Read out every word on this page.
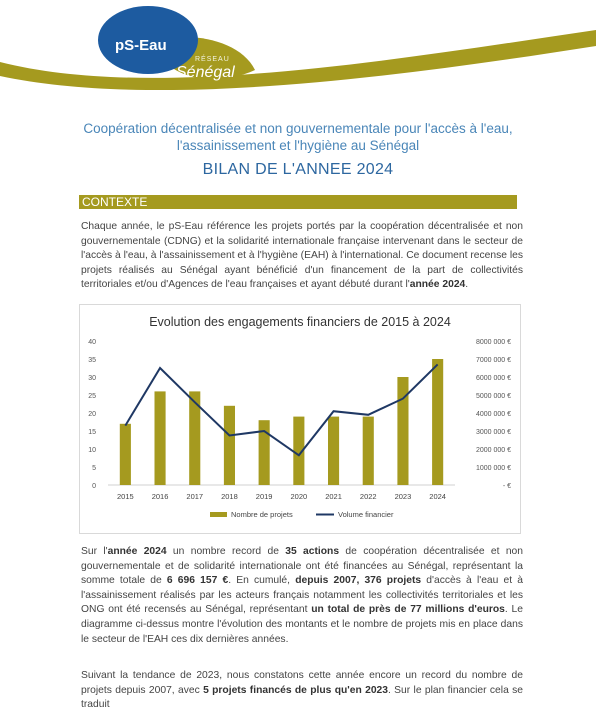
pS-Eau
RÉSEAU
Sénégal
Coopération décentralisée et non gouvernementale pour l'accès à l'eau,
l'assainissement et l'hygiène au Sénégal
BILAN DE L'ANNEE 2024
CONTEXTE
Chaque année, le pS-Eau référence les projets portés par la coopération décentralisée et non gouvernementale (CDNG) et la solidarité internationale française intervenant dans le secteur de l'accès à l'eau, à l'assainissement et à l'hygiène (EAH) à l'international. Ce document recense les projets réalisés au Sénégal ayant bénéficié d'un financement de la part de collectivités territoriales et/ou d'Agences de l'eau françaises et ayant débuté durant l'année 2024.
Evolution des engagements financiers de 2015 à 2024
0
5
10
15
20
25
30
35
40
- €
1000 000 €
2000 000 €
3000 000 €
4000 000 €
5000 000 €
6000 000 €
7000 000 €
8000 000 €
2015 2016 2017 2018 2019 2020 2021 2022 2023 2024
Nombre de projets	Volume financier
Sur l'année 2024 un nombre record de 35 actions de coopération décentralisée et non gouvernementale et de solidarité internationale ont été financées au Sénégal, représentant la somme totale de 6 696 157 €. En cumulé, depuis 2007, 376 projets d'accès à l'eau et à l'assainissement réalisés par les acteurs français notamment les collectivités territoriales et les ONG ont été recensés au Sénégal, représentant un total de près de 77 millions d'euros. Le diagramme ci-dessus montre l'évolution des montants et le nombre de projets mis en place dans le secteur de l'EAH ces dix dernières années.
Suivant la tendance de 2023, nous constatons cette année encore un record du nombre de projets depuis 2007, avec 5 projets financés de plus qu'en 2023. Sur le plan financier cela se traduit
